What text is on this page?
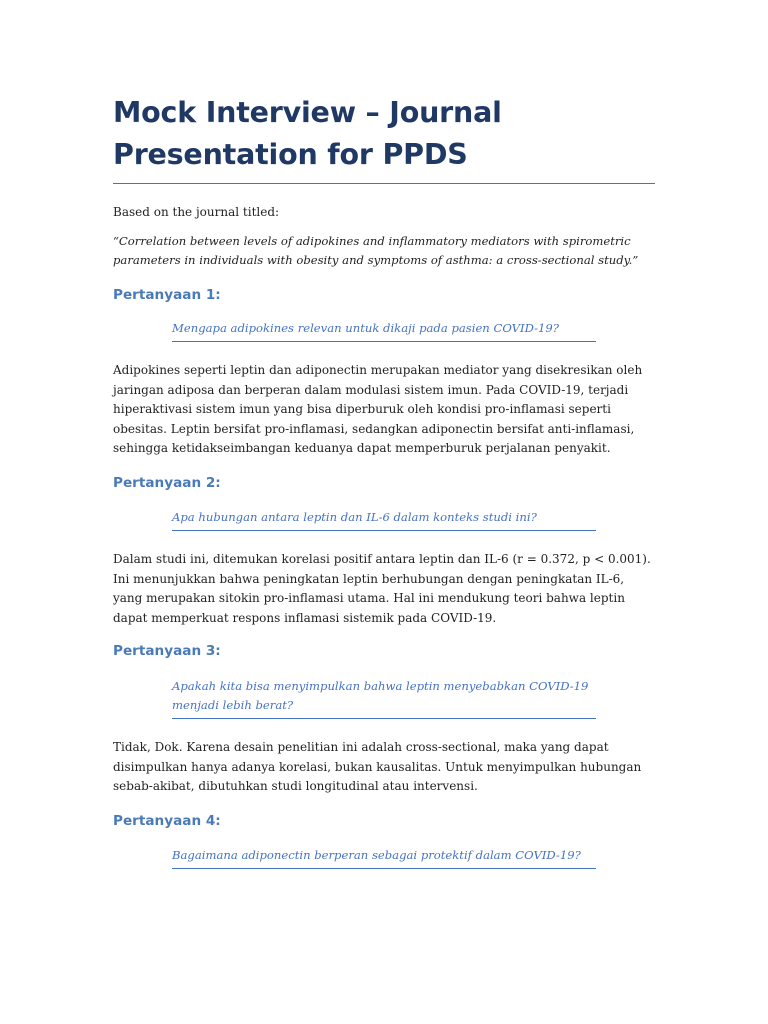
Mock Interview – Journal Presentation for PPDS

Based on the journal titled:

“Correlation between levels of adipokines and inflammatory mediators with spirometric parameters in individuals with obesity and symptoms of asthma: a cross-sectional study.”

Pertanyaan 1:

Mengapa adipokines relevan untuk dikaji pada pasien COVID-19?

Adipokines seperti leptin dan adiponectin merupakan mediator yang disekresikan oleh jaringan adiposa dan berperan dalam modulasi sistem imun. Pada COVID-19, terjadi hiperaktivasi sistem imun yang bisa diperburuk oleh kondisi pro-inflamasi seperti obesitas. Leptin bersifat pro-inflamasi, sedangkan adiponectin bersifat anti-inflamasi, sehingga ketidakseimbangan keduanya dapat memperburuk perjalanan penyakit.

Pertanyaan 2:

Apa hubungan antara leptin dan IL-6 dalam konteks studi ini?

Dalam studi ini, ditemukan korelasi positif antara leptin dan IL-6 (r = 0.372, p < 0.001). Ini menunjukkan bahwa peningkatan leptin berhubungan dengan peningkatan IL-6, yang merupakan sitokin pro-inflamasi utama. Hal ini mendukung teori bahwa leptin dapat memperkuat respons inflamasi sistemik pada COVID-19.

Pertanyaan 3:

Apakah kita bisa menyimpulkan bahwa leptin menyebabkan COVID-19 menjadi lebih berat?

Tidak, Dok. Karena desain penelitian ini adalah cross-sectional, maka yang dapat disimpulkan hanya adanya korelasi, bukan kausalitas. Untuk menyimpulkan hubungan sebab-akibat, dibutuhkan studi longitudinal atau intervensi.

Pertanyaan 4:

Bagaimana adiponectin berperan sebagai protektif dalam COVID-19?
